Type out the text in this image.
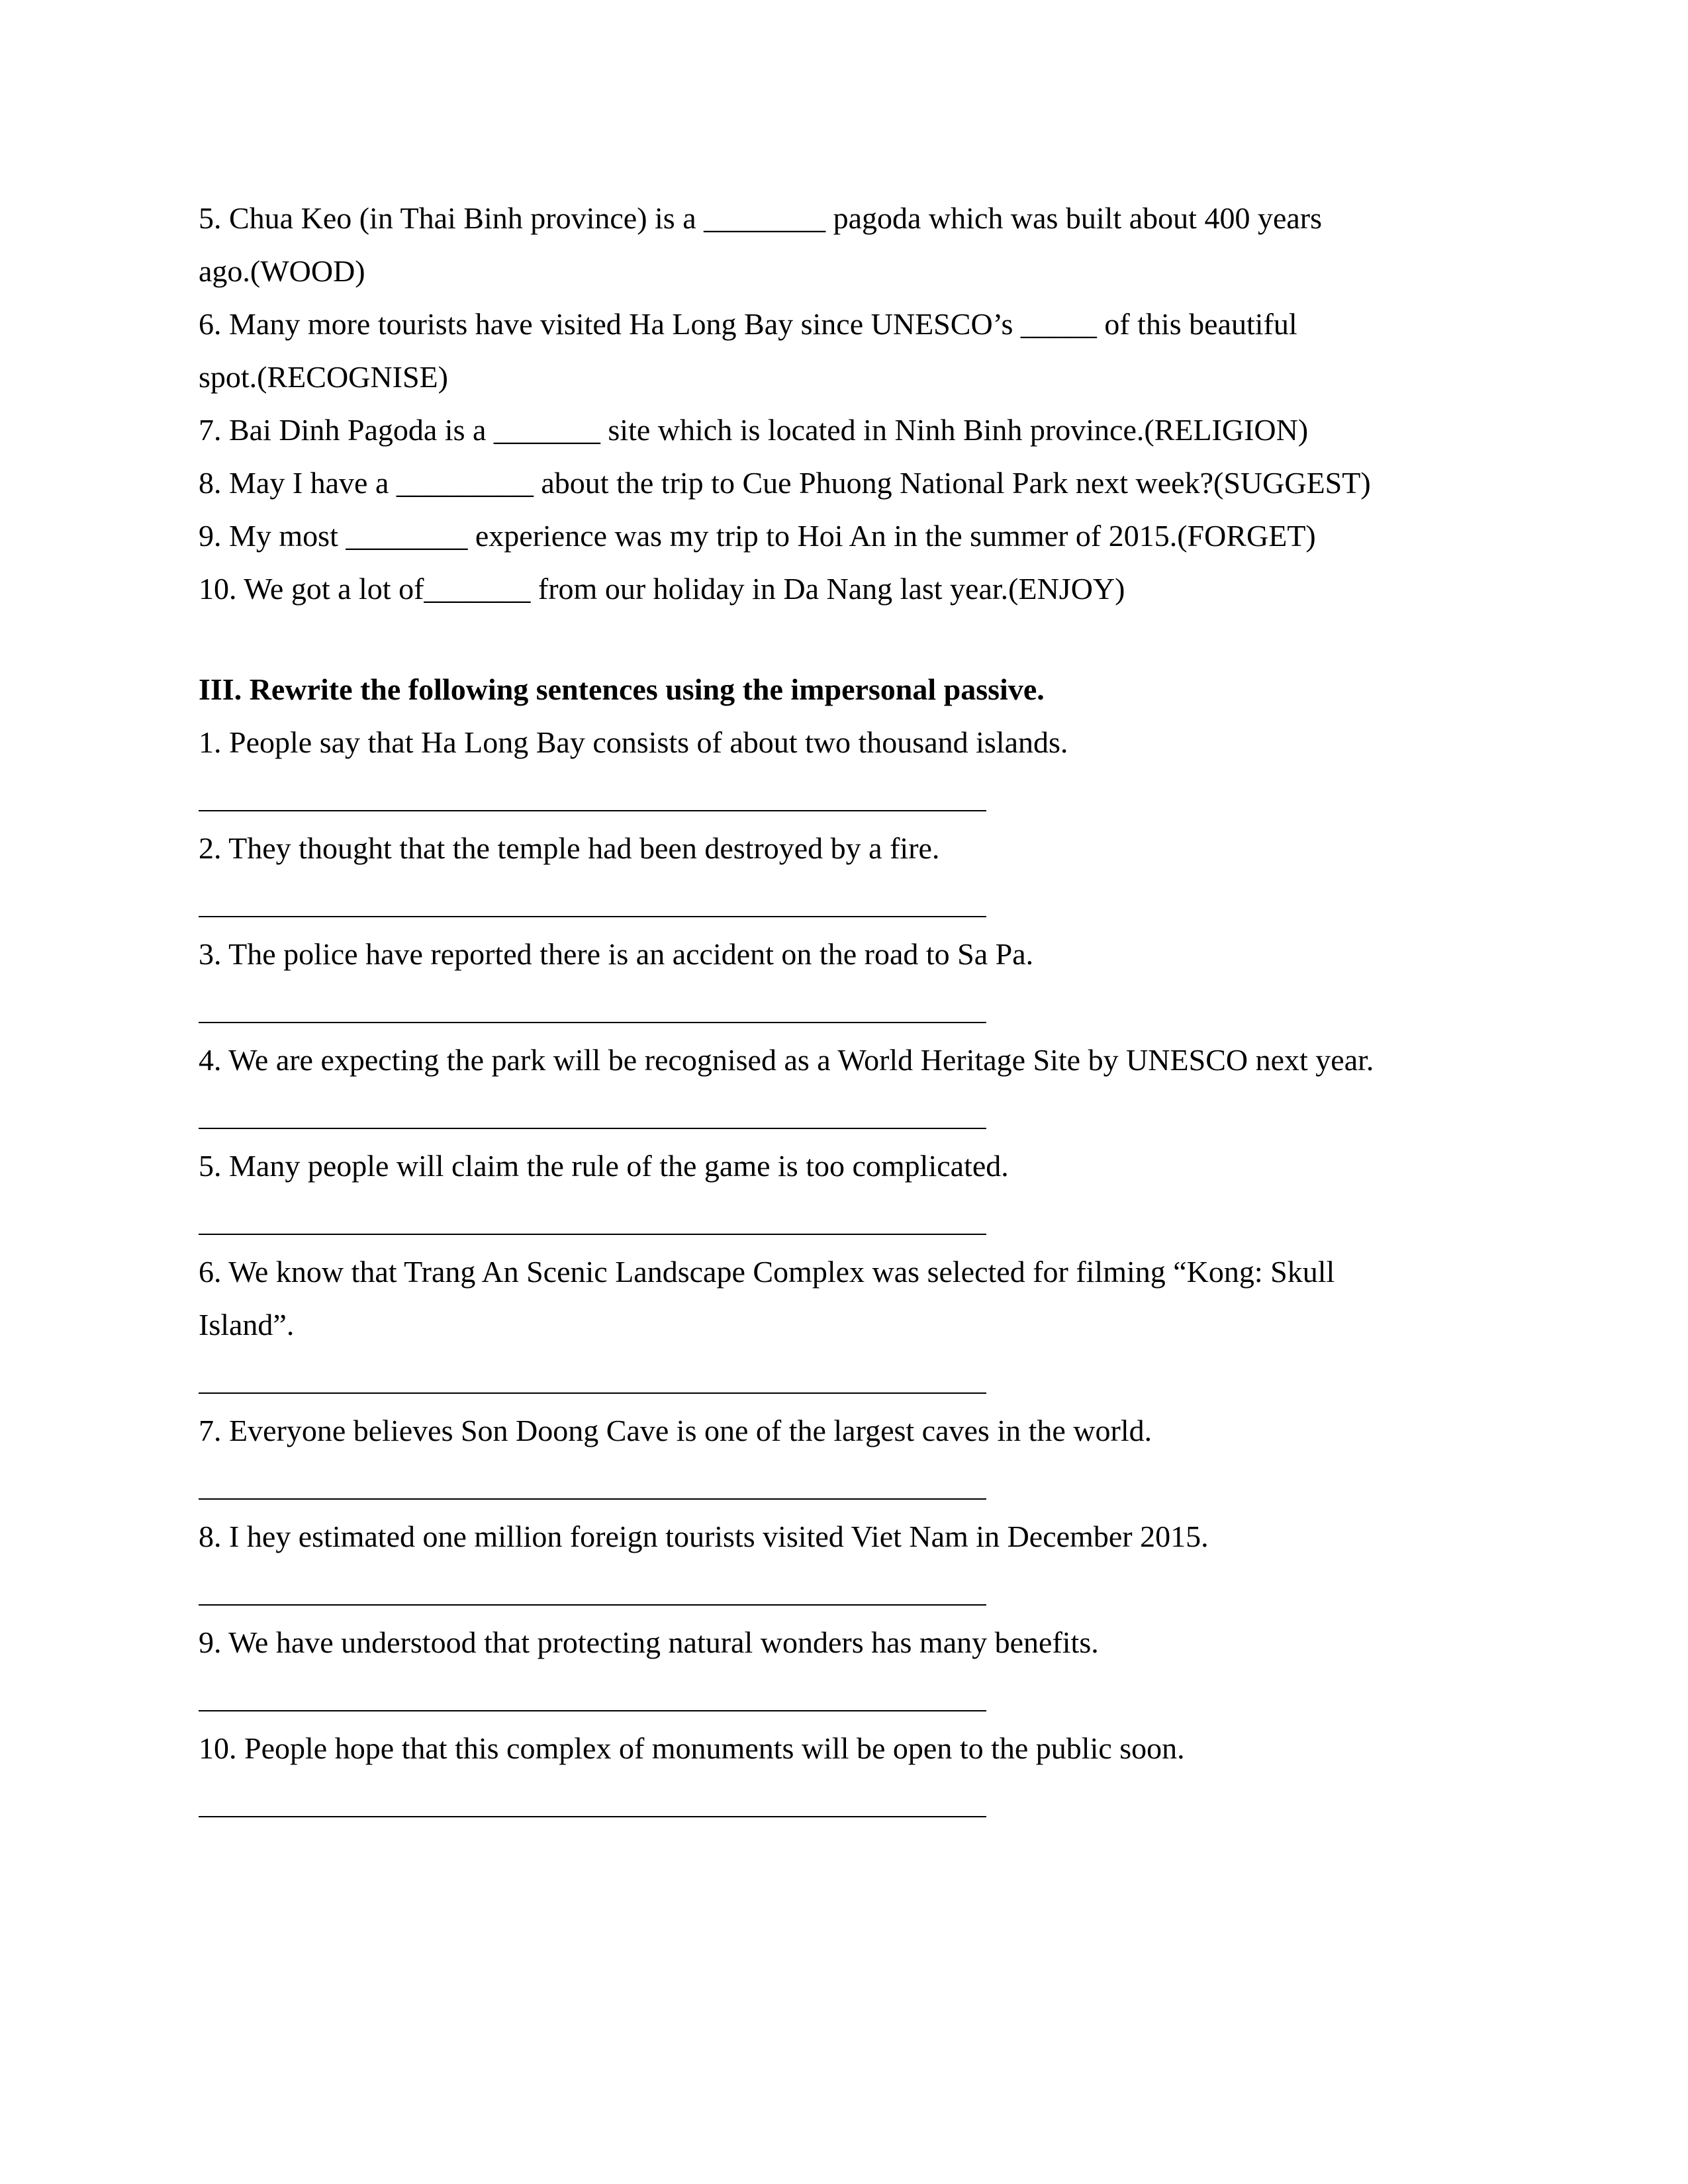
5. Chua Keo (in Thai Binh province) is a ________ pagoda which was built about 400 years

ago.(WOOD)

6. Many more tourists have visited Ha Long Bay since UNESCO’s _____ of this beautiful

spot.(RECOGNISE)

7. Bai Dinh Pagoda is a _______ site which is located in Ninh Binh province.(RELIGION)

8. May I have a _________ about the trip to Cue Phuong National Park next week?(SUGGEST)

9. My most ________ experience was my trip to Hoi An in the summer of 2015.(FORGET)

10. We got a lot of_______ from our holiday in Da Nang last year.(ENJOY)

III. Rewrite the following sentences using the impersonal passive.

1. People say that Ha Long Bay consists of about two thousand islands.

2. They thought that the temple had been destroyed by a fire.

3. The police have reported there is an accident on the road to Sa Pa.

4. We are expecting the park will be recognised as a World Heritage Site by UNESCO next year.

5. Many people will claim the rule of the game is too complicated.

6. We know that Trang An Scenic Landscape Complex was selected for filming “Kong: Skull

Island”.

7. Everyone believes Son Doong Cave is one of the largest caves in the world.

8. I hey estimated one million foreign tourists visited Viet Nam in December 2015.

9. We have understood that protecting natural wonders has many benefits.

10. People hope that this complex of monuments will be open to the public soon.
